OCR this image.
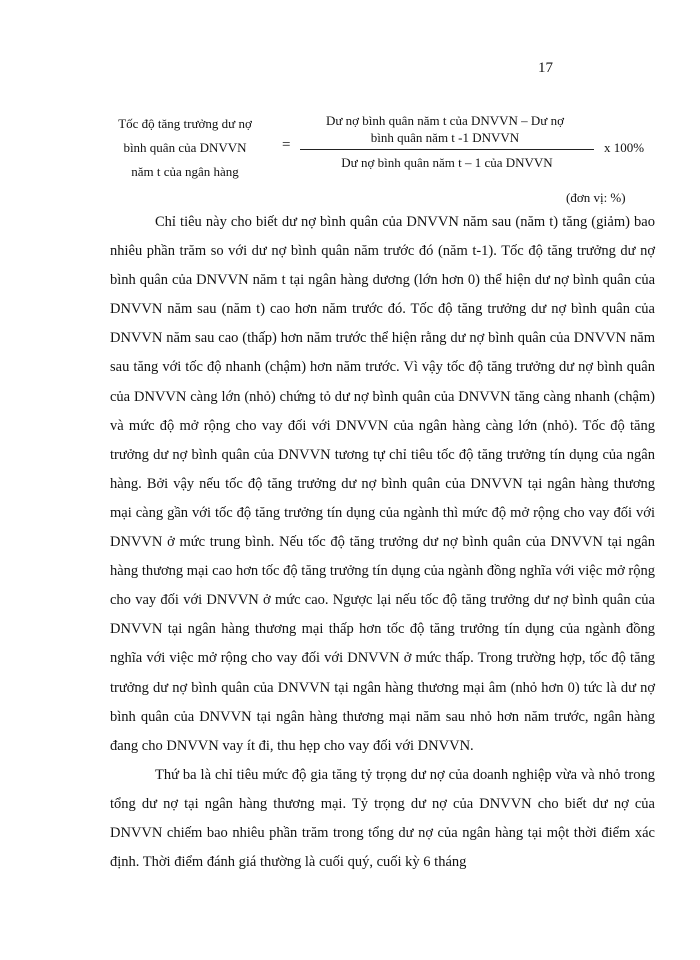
17
Tốc độ tăng trưởng dư nợ
bình quân của DNVVN
năm t của ngân hàng
=
Dư nợ bình quân năm t của DNVVN – Dư nợ
bình quân năm t -1 DNVVN
Dư nợ bình quân năm t – 1 của DNVVN
x 100%
(đơn vị: %)

Chỉ tiêu này cho biết dư nợ bình quân của DNVVN năm sau (năm t) tăng (giảm) bao nhiêu phần trăm so với dư nợ bình quân năm trước đó (năm t-1). Tốc độ tăng trưởng dư nợ bình quân của DNVVN năm t tại ngân hàng dương (lớn hơn 0) thể hiện dư nợ bình quân của DNVVN năm sau (năm t) cao hơn năm trước đó. Tốc độ tăng trưởng dư nợ bình quân của DNVVN năm sau cao (thấp) hơn năm trước thể hiện rằng dư nợ bình quân của DNVVN năm sau tăng với tốc độ nhanh (chậm) hơn năm trước. Vì vậy tốc độ tăng trưởng dư nợ bình quân của DNVVN càng lớn (nhỏ) chứng tỏ dư nợ bình quân của DNVVN tăng càng nhanh (chậm) và mức độ mở rộng cho vay đối với DNVVN của ngân hàng càng lớn (nhỏ). Tốc độ tăng trưởng dư nợ bình quân của DNVVN tương tự chỉ tiêu tốc độ tăng trưởng tín dụng của ngân hàng. Bởi vậy nếu tốc độ tăng trưởng dư nợ bình quân của DNVVN tại ngân hàng thương mại càng gần với tốc độ tăng trưởng tín dụng của ngành thì mức độ mở rộng cho vay đối với DNVVN ở mức trung bình. Nếu tốc độ tăng trưởng dư nợ bình quân của DNVVN tại ngân hàng thương mại cao hơn tốc độ tăng trưởng tín dụng của ngành đồng nghĩa với việc mở rộng cho vay đối với DNVVN ở mức cao. Ngược lại nếu tốc độ tăng trưởng dư nợ bình quân của DNVVN tại ngân hàng thương mại thấp hơn tốc độ tăng trưởng tín dụng của ngành đồng nghĩa với việc mở rộng cho vay đối với DNVVN ở mức thấp. Trong trường hợp, tốc độ tăng trưởng dư nợ bình quân của DNVVN tại ngân hàng thương mại âm (nhỏ hơn 0) tức là dư nợ bình quân của DNVVN tại ngân hàng thương mại năm sau nhỏ hơn năm trước, ngân hàng đang cho DNVVN vay ít đi, thu hẹp cho vay đối với DNVVN.

Thứ ba là chỉ tiêu mức độ gia tăng tỷ trọng dư nợ của doanh nghiệp vừa và nhỏ trong tổng dư nợ tại ngân hàng thương mại. Tỷ trọng dư nợ của DNVVN cho biết dư nợ của DNVVN chiếm bao nhiêu phần trăm trong tổng dư nợ của ngân hàng tại một thời điểm xác định. Thời điểm đánh giá thường là cuối quý, cuối kỳ 6 tháng
